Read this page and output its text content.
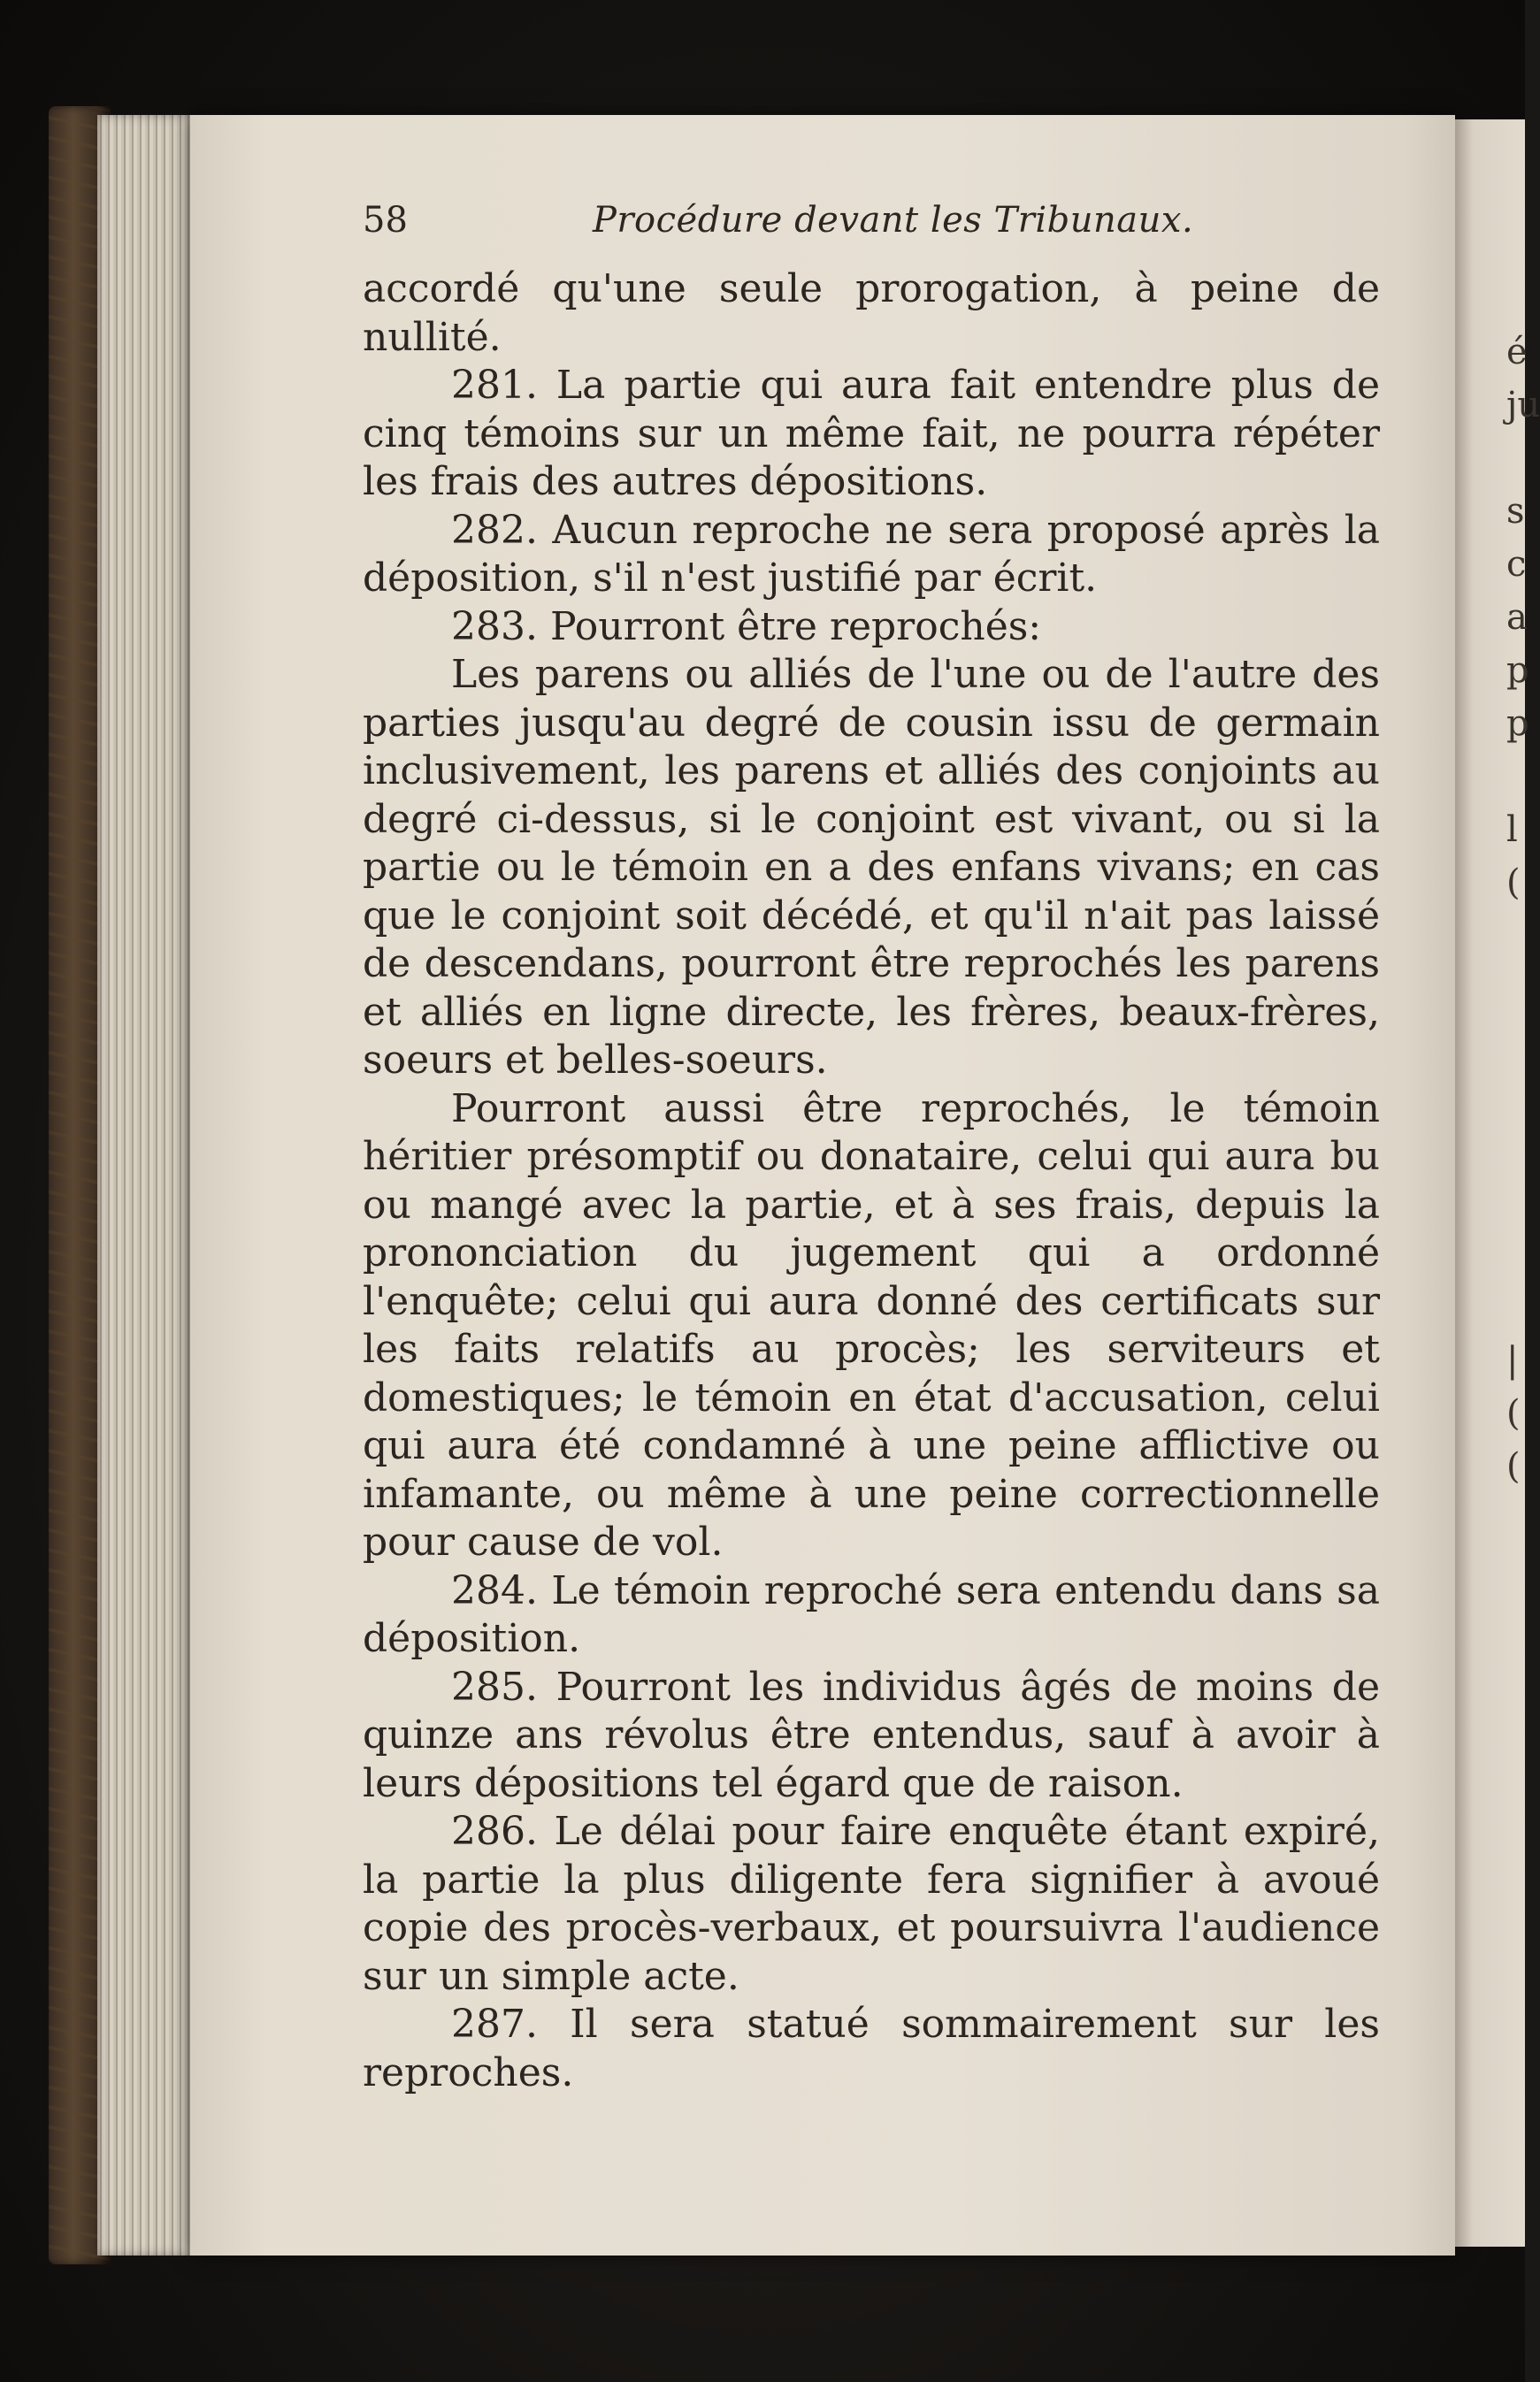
é
ju
s
c
a
p
p
l
(
|
(
(
58	Procédure devant les Tribunaux.

accordé qu'une seule prorogation, à peine de nullité.

281. La partie qui aura fait entendre plus de cinq témoins sur un même fait, ne pourra répéter les frais des autres dépositions.

282. Aucun reproche ne sera proposé après la déposition, s'il n'est justifié par écrit.

283. Pourront être reprochés:

Les parens ou alliés de l'une ou de l'autre des parties jusqu'au degré de cousin issu de germain inclusivement, les parens et alliés des conjoints au degré ci-dessus, si le conjoint est vivant, ou si la partie ou le témoin en a des enfans vivans; en cas que le conjoint soit décédé, et qu'il n'ait pas laissé de descendans, pourront être reprochés les parens et alliés en ligne directe, les frères, beaux-frères, soeurs et belles-soeurs.

Pourront aussi être reprochés, le témoin héritier présomptif ou donataire, celui qui aura bu ou mangé avec la partie, et à ses frais, depuis la prononciation du jugement qui a ordonné l'enquête; celui qui aura donné des certificats sur les faits relatifs au procès; les serviteurs et domestiques; le témoin en état d'accusation, celui qui aura été condamné à une peine afflictive ou infamante, ou même à une peine correctionnelle pour cause de vol.

284. Le témoin reproché sera entendu dans sa déposition.

285. Pourront les individus âgés de moins de quinze ans révolus être entendus, sauf à avoir à leurs dépositions tel égard que de raison.

286. Le délai pour faire enquête étant expiré, la partie la plus diligente fera signifier à avoué copie des procès-verbaux, et poursuivra l'audience sur un simple acte.

287. Il sera statué sommairement sur les reproches.
